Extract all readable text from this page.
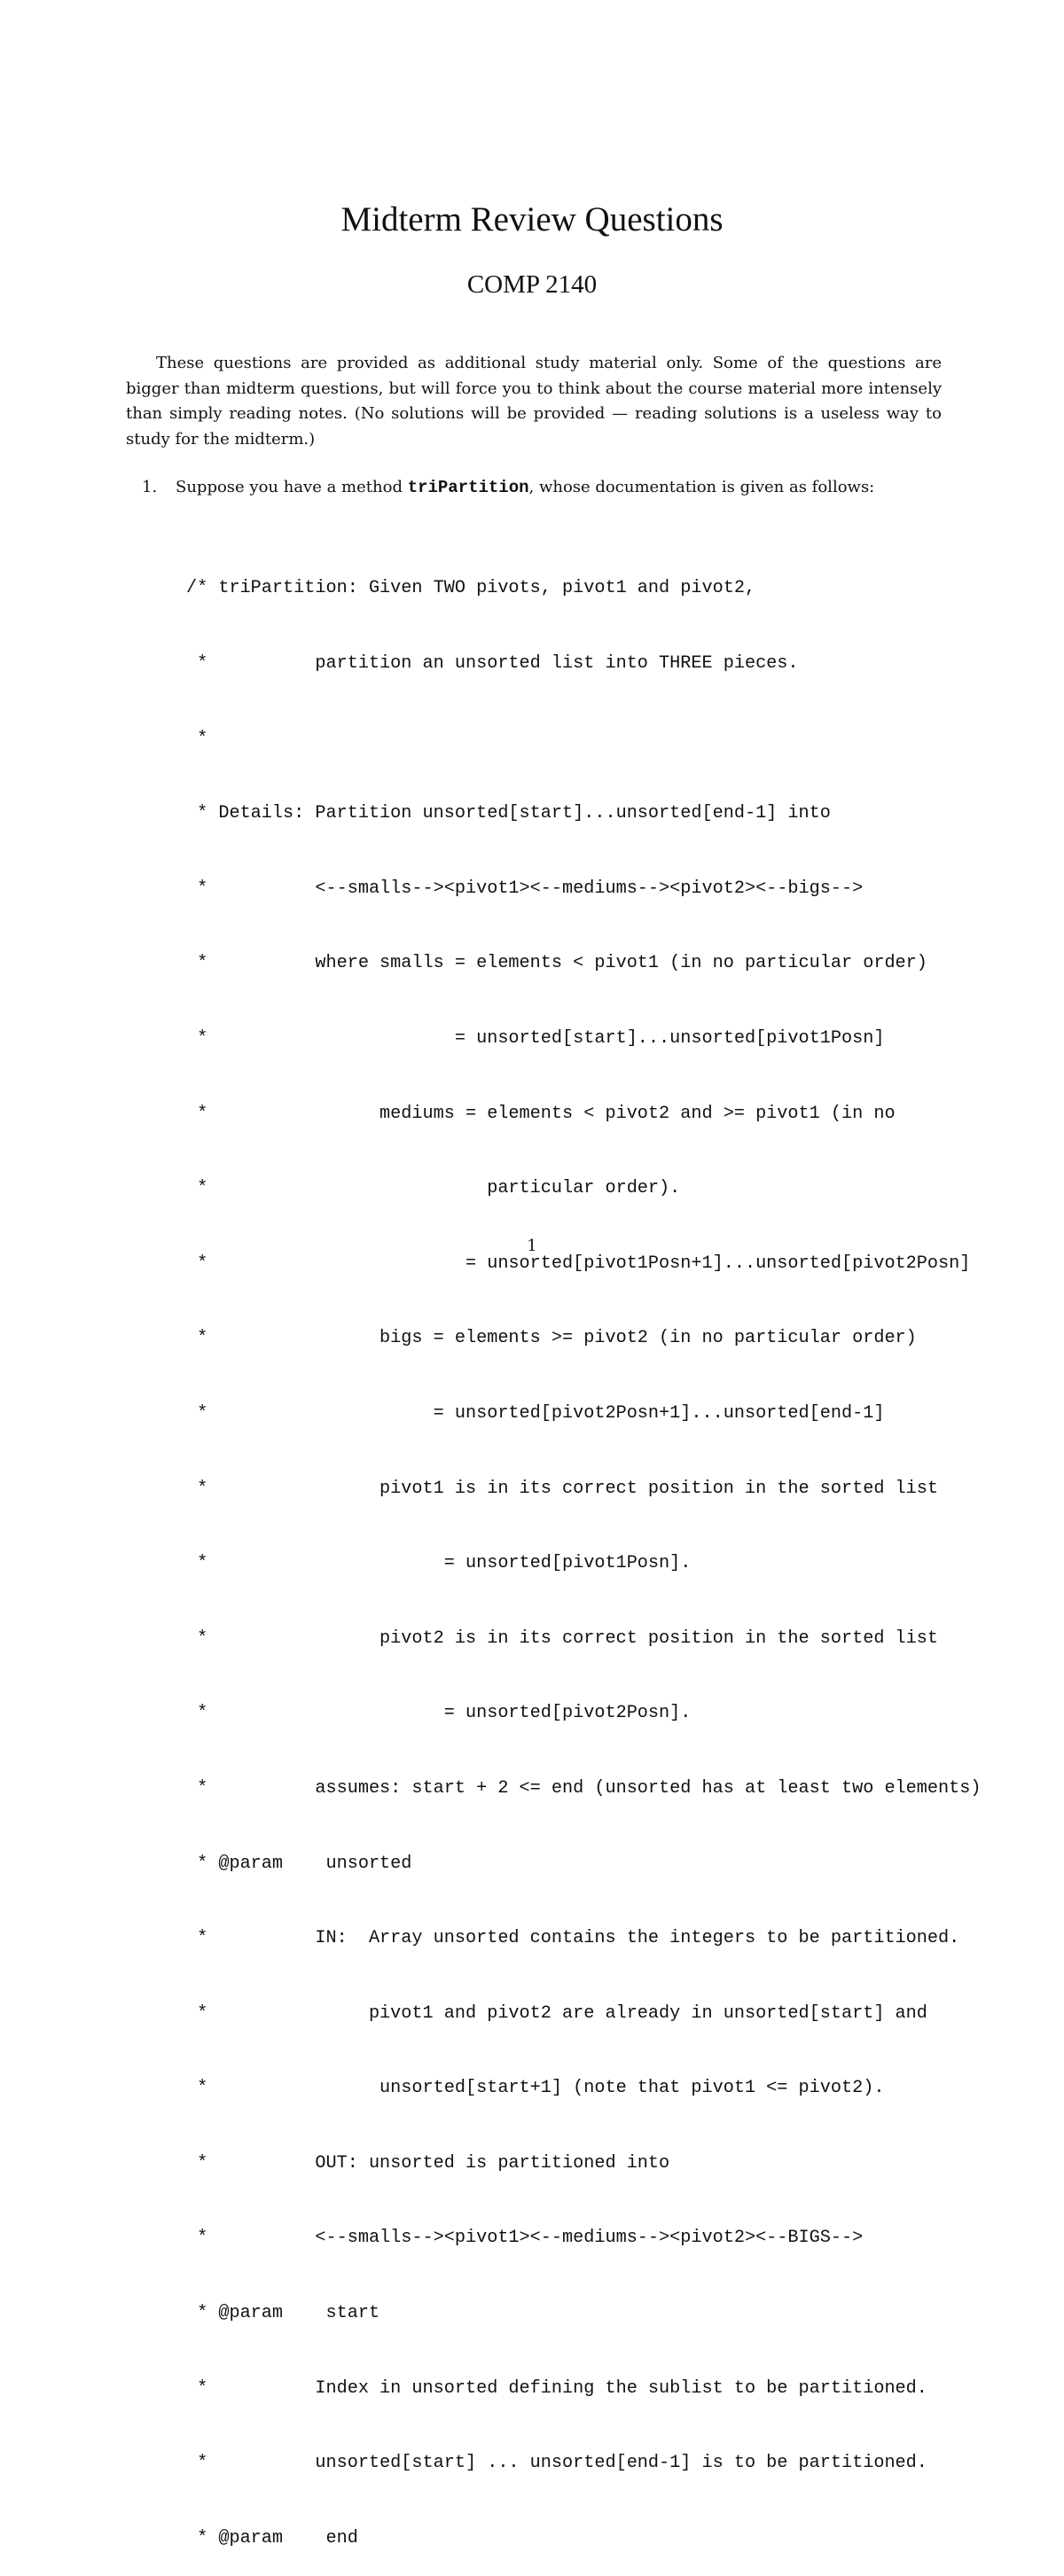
Midterm Review Questions
COMP 2140

These questions are provided as additional study material only. Some of the questions are bigger than midterm questions, but will force you to think about the course material more intensely than simply reading notes. (No solutions will be provided — reading solutions is a useless way to study for the midterm.)

1. Suppose you have a method triPartition, whose documentation is given as follows:

/* triPartition: Given TWO pivots, pivot1 and pivot2,

*          partition an unsorted list into THREE pieces.

*

* Details: Partition unsorted[start]...unsorted[end-1] into

*          <--smalls--><pivot1><--mediums--><pivot2><--bigs-->

*          where smalls = elements < pivot1 (in no particular order)

*                       = unsorted[start]...unsorted[pivot1Posn]

*                mediums = elements < pivot2 and >= pivot1 (in no

*                          particular order).

*                        = unsorted[pivot1Posn+1]...unsorted[pivot2Posn]

*                bigs = elements >= pivot2 (in no particular order)

*                     = unsorted[pivot2Posn+1]...unsorted[end-1]

*                pivot1 is in its correct position in the sorted list

*                      = unsorted[pivot1Posn].

*                pivot2 is in its correct position in the sorted list

*                      = unsorted[pivot2Posn].

*          assumes: start + 2 <= end (unsorted has at least two elements)

* @param    unsorted

*          IN:  Array unsorted contains the integers to be partitioned.

*               pivot1 and pivot2 are already in unsorted[start] and

*                unsorted[start+1] (note that pivot1 <= pivot2).

*          OUT: unsorted is partitioned into

*          <--smalls--><pivot1><--mediums--><pivot2><--BIGS-->

* @param    start

*          Index in unsorted defining the sublist to be partitioned.

*          unsorted[start] ... unsorted[end-1] is to be partitioned.

* @param    end

1
